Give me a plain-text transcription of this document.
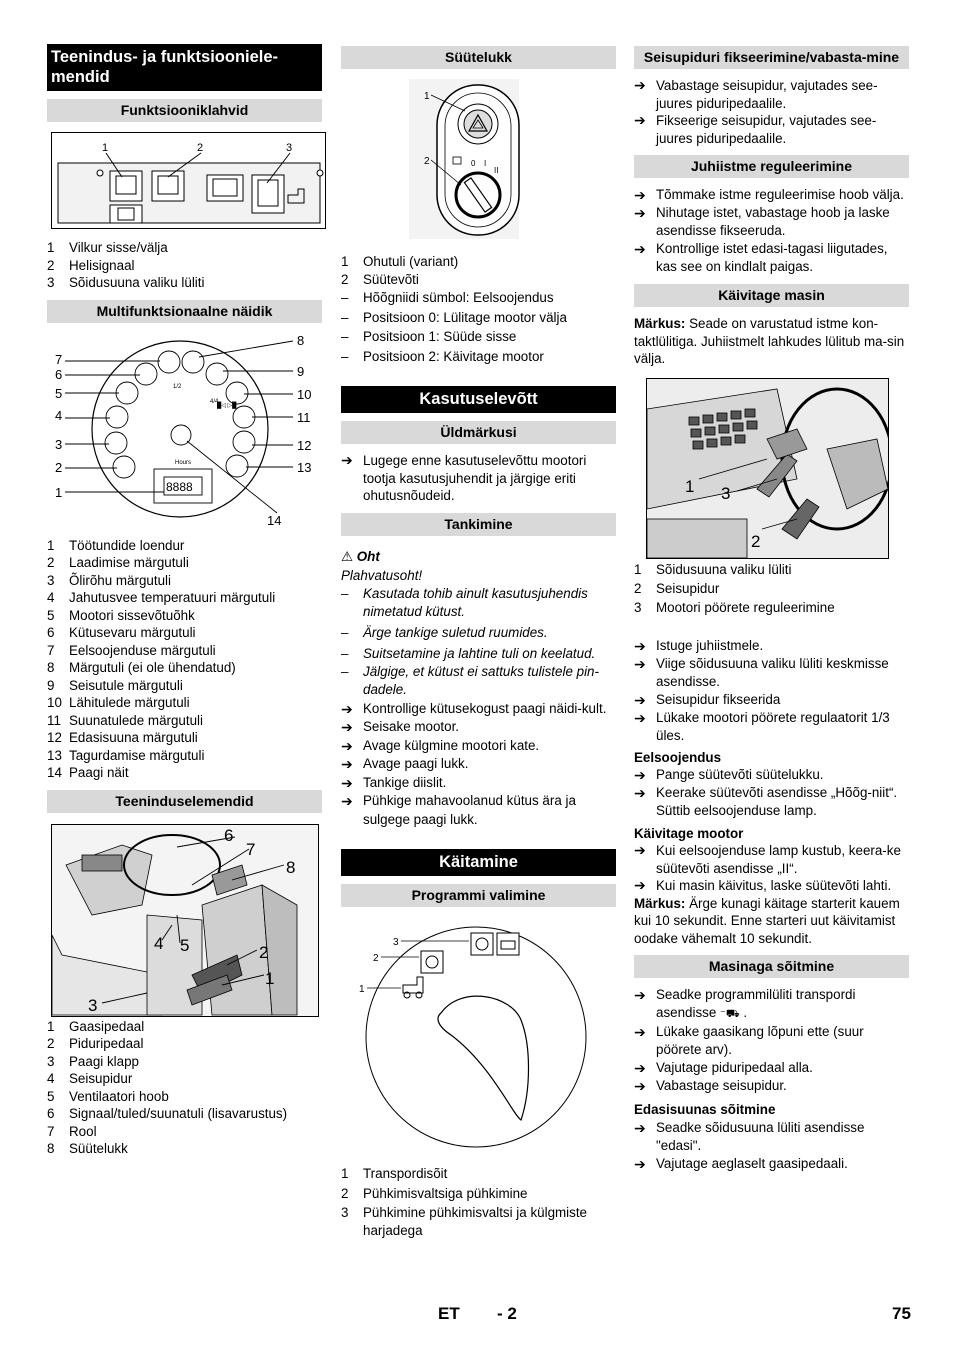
Teenindus- ja funktsiooniele-mendid
Funktsiooniklahvid
1	2	3
1	Vilkur sisse/välja
2	Helisignaal
3	Sõidusuuna valiku lüliti
Multifunktsionaalne näidik
█◁ ▷█
1/2
4/4
Hours
8888
1
2
3
4
5
6
7
8
9
10
11
12
13
14
1	Töötundide loendur
2	Laadimise märgutuli
3	Õlirõhu märgutuli
4	Jahutusvee temperatuuri märgutuli
5	Mootori sissevõtuõhk
6	Kütusevaru märgutuli
7	Eelsoojenduse märgutuli
8	Märgutuli (ei ole ühendatud)
9	Seisutule märgutuli
10 Lähitulede märgutuli
11 Suunatulede märgutuli
12 Edasisuuna märgutuli
13 Tagurdamise märgutuli
14 Paagi näit
Teeninduselemendid
6
7
8
2
1
4 5
3
1	Gaasipedaal
2	Piduripedaal
3	Paagi klapp
4	Seisupidur
5	Ventilaatori hoob
6	Signaal/tuled/suunatuli (lisavarustus)
7	Rool
8	Süütelukk
Süütelukk
0 I
II
1
2
1	Ohutuli (variant)
2	Süütevõti
–	Hõõgniidi sümbol: Eelsoojendus
–	Positsioon 0: Lülitage mootor välja
–	Positsioon 1: Süüde sisse
–	Positsioon 2: Käivitage mootor
Kasutuselevõtt
Üldmärkusi
➔ Lugege enne kasutuselevõttu mootori tootja kasutusjuhendit ja järgige eriti ohutusnõudeid.
Tankimine
⚠ Oht
Plahvatusoht!
–	Kasutada tohib ainult kasutusjuhendis nimetatud kütust.
–	Ärge tankige suletud ruumides.
–	Suitsetamine ja lahtine tuli on keelatud.
–	Jälgige, et kütust ei sattuks tulistele pin-dadele.
➔ Kontrollige kütusekogust paagi näidi-kult.
➔ Seisake mootor.
➔ Avage külgmine mootori kate.
➔ Avage paagi lukk.
➔ Tankige diislit.
➔ Pühkige mahavoolanud kütus ära ja sulgege paagi lukk.
Käitamine
Programmi valimine
3
2
1
1	Transpordisõit
2	Pühkimisvaltsiga pühkimine
3	Pühkimine pühkimisvaltsi ja külgmiste harjadega
Seisupiduri fikseerimine/vabasta-mine
➔ Vabastage seisupidur, vajutades see-juures piduripedaalile.
➔ Fikseerige seisupidur, vajutades see-juures piduripedaalile.
Juhiistme reguleerimine
➔ Tõmmake istme reguleerimise hoob välja.
➔ Nihutage istet, vabastage hoob ja laske asendisse fikseeruda.
➔ Kontrollige istet edasi-tagasi liigutades, kas see on kindlalt paigas.
Käivitage masin

Märkus: Seade on varustatud istme kon-taktlülitiga. Juhiistmelt lahkudes lülitub ma-sin välja.

1 3
2
1	Sõidusuuna valiku lüliti
2	Seisupidur
3	Mootori pöörete reguleerimine
➔ Istuge juhiistmele.
➔ Viige sõidusuuna valiku lüliti keskmisse asendisse.
➔ Seisupidur fikseerida
➔ Lükake mootori pöörete regulaatorit 1/3 üles.
Eelsoojendus
➔ Pange süütevõti süütelukku.
➔ Keerake süütevõti asendisse „Hõõg-niit“.
Süttib eelsoojenduse lamp.
Käivitage mootor
➔ Kui eelsoojenduse lamp kustub, keera-ke süütevõti asendisse „II“.
➔ Kui masin käivitus, laske süütevõti lahti.

Märkus: Ärge kunagi käitage starterit kauem kui 10 sekundit. Enne starteri uut käivitamist oodake vähemalt 10 sekundit.

Masinaga sõitmine
➔ Seadke programmilüliti transpordi asendisse ⁻⛟ .
➔ Lükake gaasikang lõpuni ette (suur pöörete arv).
➔ Vajutage piduripedaal alla.
➔ Vabastage seisupidur.
Edasisuunas sõitmine
➔ Seadke sõidusuuna lüliti asendisse "edasi".
➔ Vajutage aeglaselt gaasipedaali.
ET - 2	75
